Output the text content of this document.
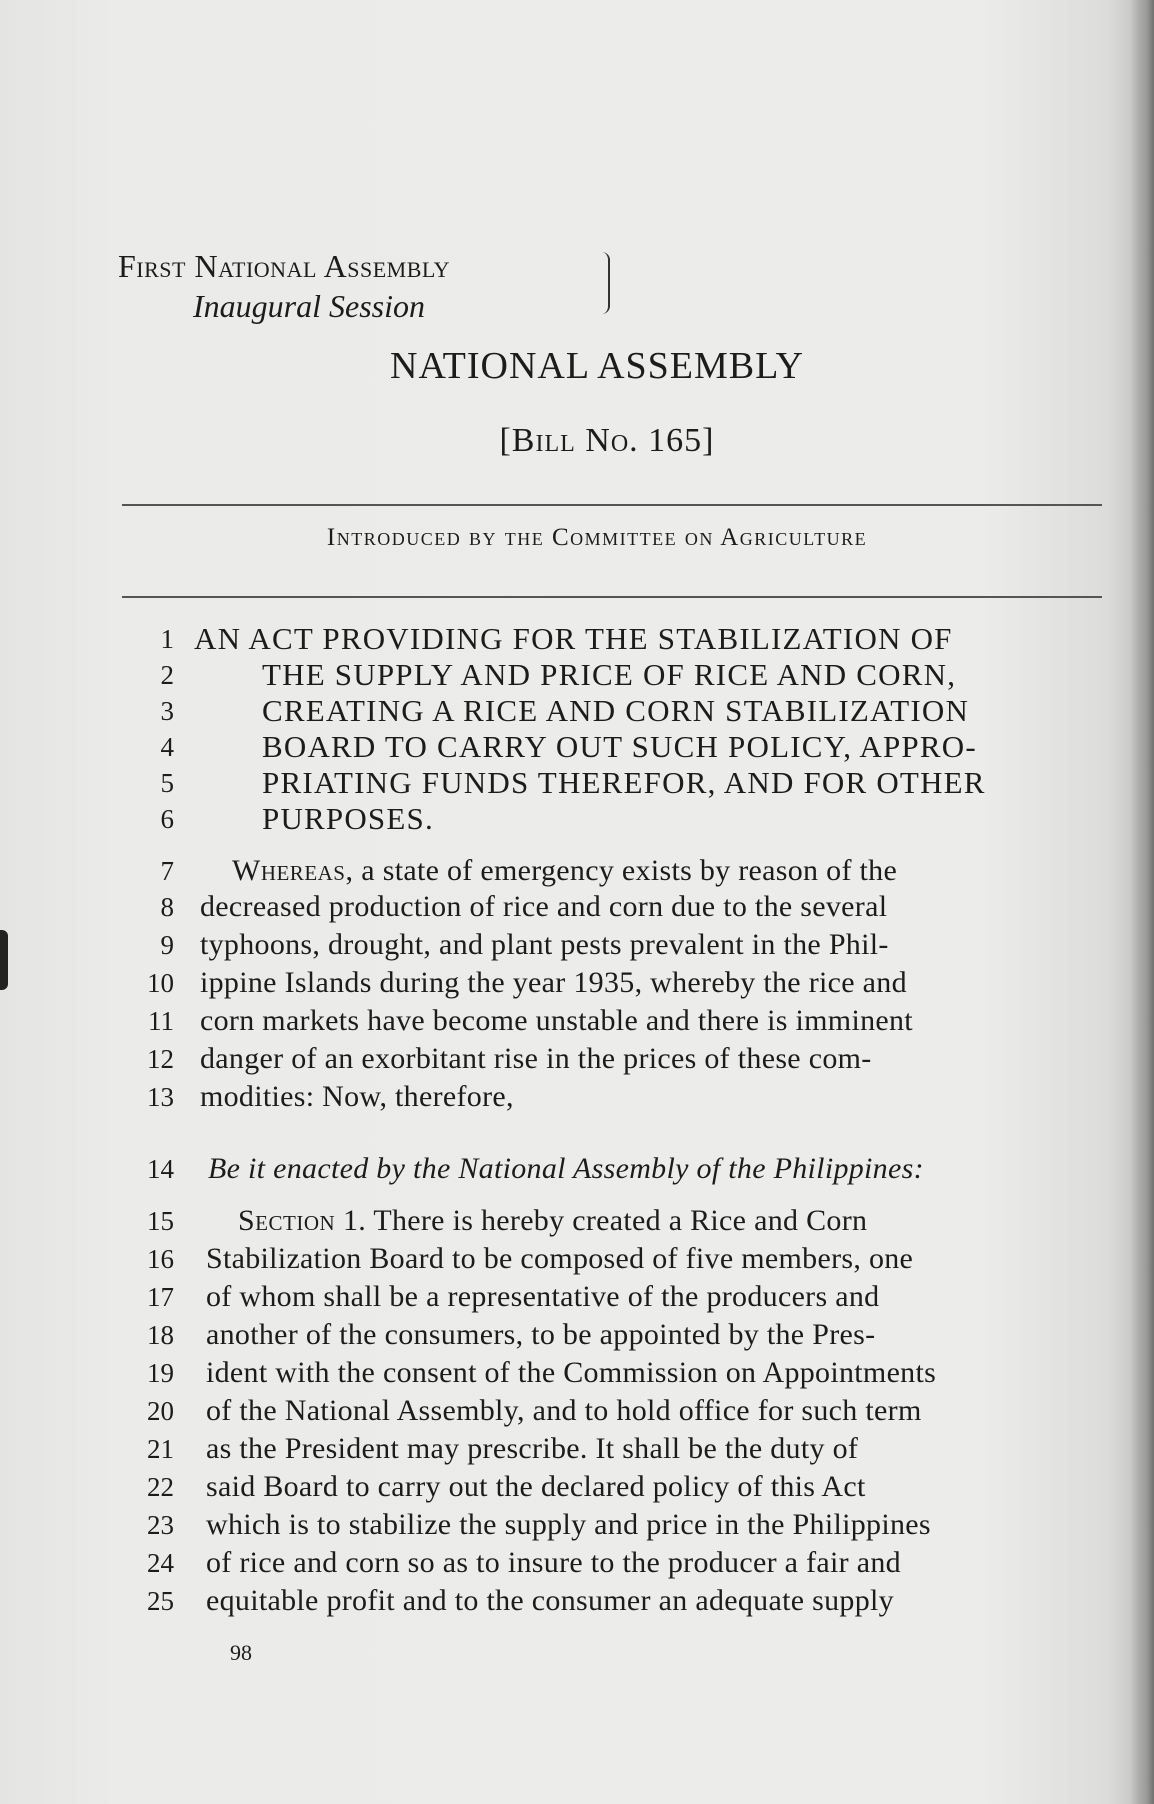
First National Assembly
Inaugural Session
NATIONAL ASSEMBLY
[Bill No. 165]
Introduced by the Committee on Agriculture
1 AN ACT PROVIDING FOR THE STABILIZATION OF
2	THE SUPPLY AND PRICE OF RICE AND CORN,
3	CREATING A RICE AND CORN STABILIZATION
4	BOARD TO CARRY OUT SUCH POLICY, APPRO-
5	PRIATING FUNDS THEREFOR, AND FOR OTHER
6	PURPOSES.
7 Whereas, a state of emergency exists by reason of the
8 decreased production of rice and corn due to the several
9 typhoons, drought, and plant pests prevalent in the Phil-
10 ippine Islands during the year 1935, whereby the rice and
11 corn markets have become unstable and there is imminent
12 danger of an exorbitant rise in the prices of these com-
13 modities: Now, therefore,
14 Be it enacted by the National Assembly of the Philippines:
15 Section 1. There is hereby created a Rice and Corn
16 Stabilization Board to be composed of five members, one
17 of whom shall be a representative of the producers and
18 another of the consumers, to be appointed by the Pres-
19 ident with the consent of the Commission on Appointments
20 of the National Assembly, and to hold office for such term
21 as the President may prescribe. It shall be the duty of
22 said Board to carry out the declared policy of this Act
23 which is to stabilize the supply and price in the Philippines
24 of rice and corn so as to insure to the producer a fair and
25 equitable profit and to the consumer an adequate supply
98
